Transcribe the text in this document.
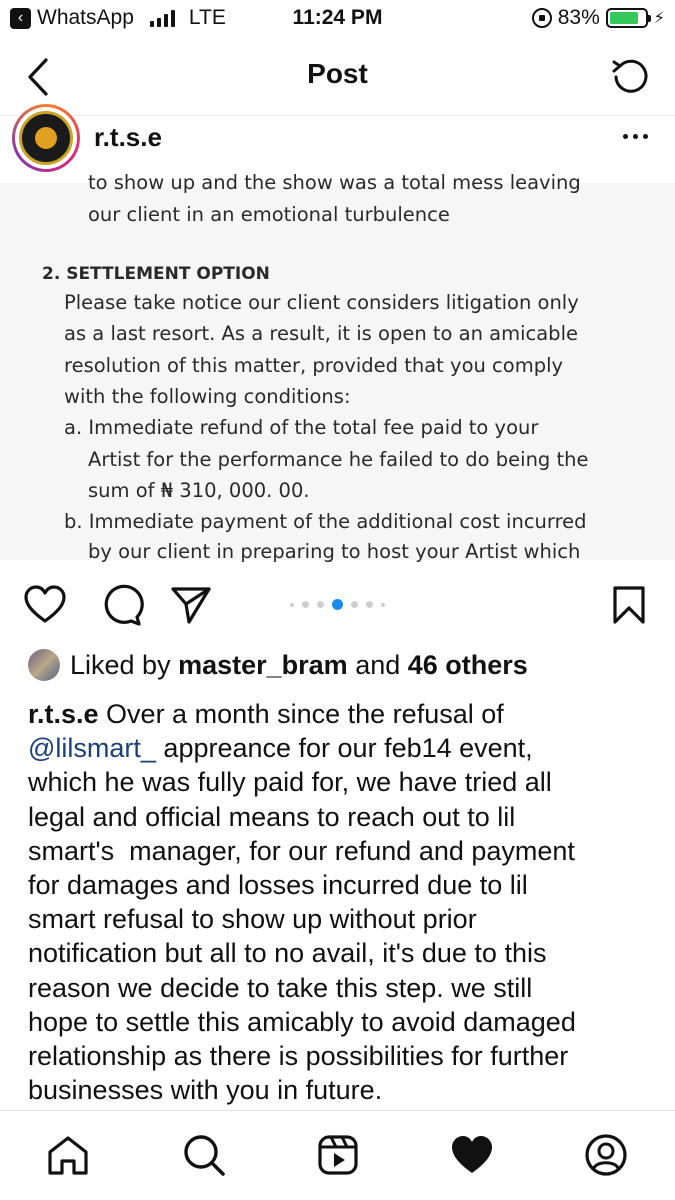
‹ WhatsApp	LTE	11:24 PM	83%	⚡
Post
r.t.s.e
to show up and the show was a total mess leaving
our client in an emotional turbulence
2. SETTLEMENT OPTION
Please take notice our client considers litigation only
as a last resort. As a result, it is open to an amicable
resolution of this matter, provided that you comply
with the following conditions:
a. Immediate refund of the total fee paid to your
Artist for the performance he failed to do being the
sum of ₦ 310, 000. 00.
b. Immediate payment of the additional cost incurred
by our client in preparing to host your Artist which
Liked by
master_bram and 46 others
r.t.s.e Over a month since the refusal of
@lilsmart_ appreance for our feb14 event,
which he was fully paid for, we have tried all
legal and official means to reach out to lil
smart's  manager, for our refund and payment
for damages and losses incurred due to lil
smart refusal to show up without prior
notification but all to no avail, it's due to this
reason we decide to take this step. we still
hope to settle this amicably to avoid damaged
relationship as there is possibilities for further
businesses with you in future.
